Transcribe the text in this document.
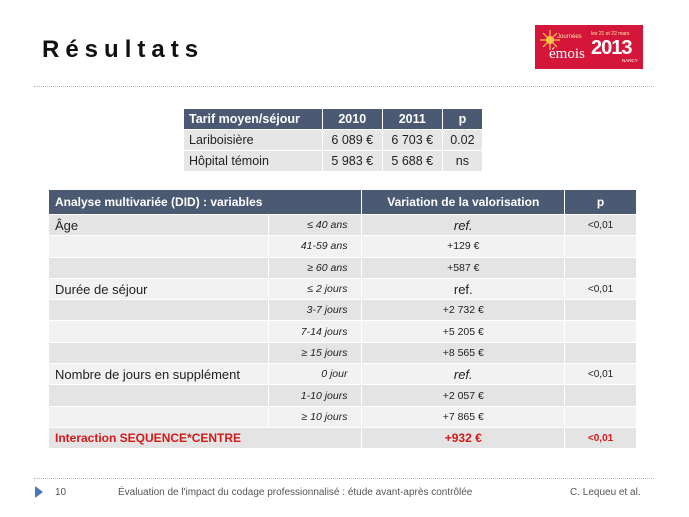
Résultats	Journées
émois
les 21 et 22 mars
2013
NANCY
Tarif moyen/séjour	2010	2011	p
Lariboisière	6 089 €	6 703 €	0.02
Hôpital témoin	5 983 €	5 688 €	ns
Analyse multivariée (DID) : variables		Variation de la valorisation	p
Âge	≤ 40 ans	ref.	<0,01
	41-59 ans	+129 €	
	≥ 60 ans	+587 €	
Durée de séjour	≤ 2 jours	ref.	<0,01
	3-7 jours	+2 732 €	
	7-14 jours	+5 205 €	
	≥ 15 jours	+8 565 €	
Nombre de jours en supplément	0 jour	ref.	<0,01
	1-10 jours	+2 057 €	
	≥ 10 jours	+7 865 €	
Interaction SEQUENCE*CENTRE		+932 €	<0,01
10	Évaluation de l'impact du codage professionnalisé : étude avant-après contrôlée	C. Lequeu et al.
